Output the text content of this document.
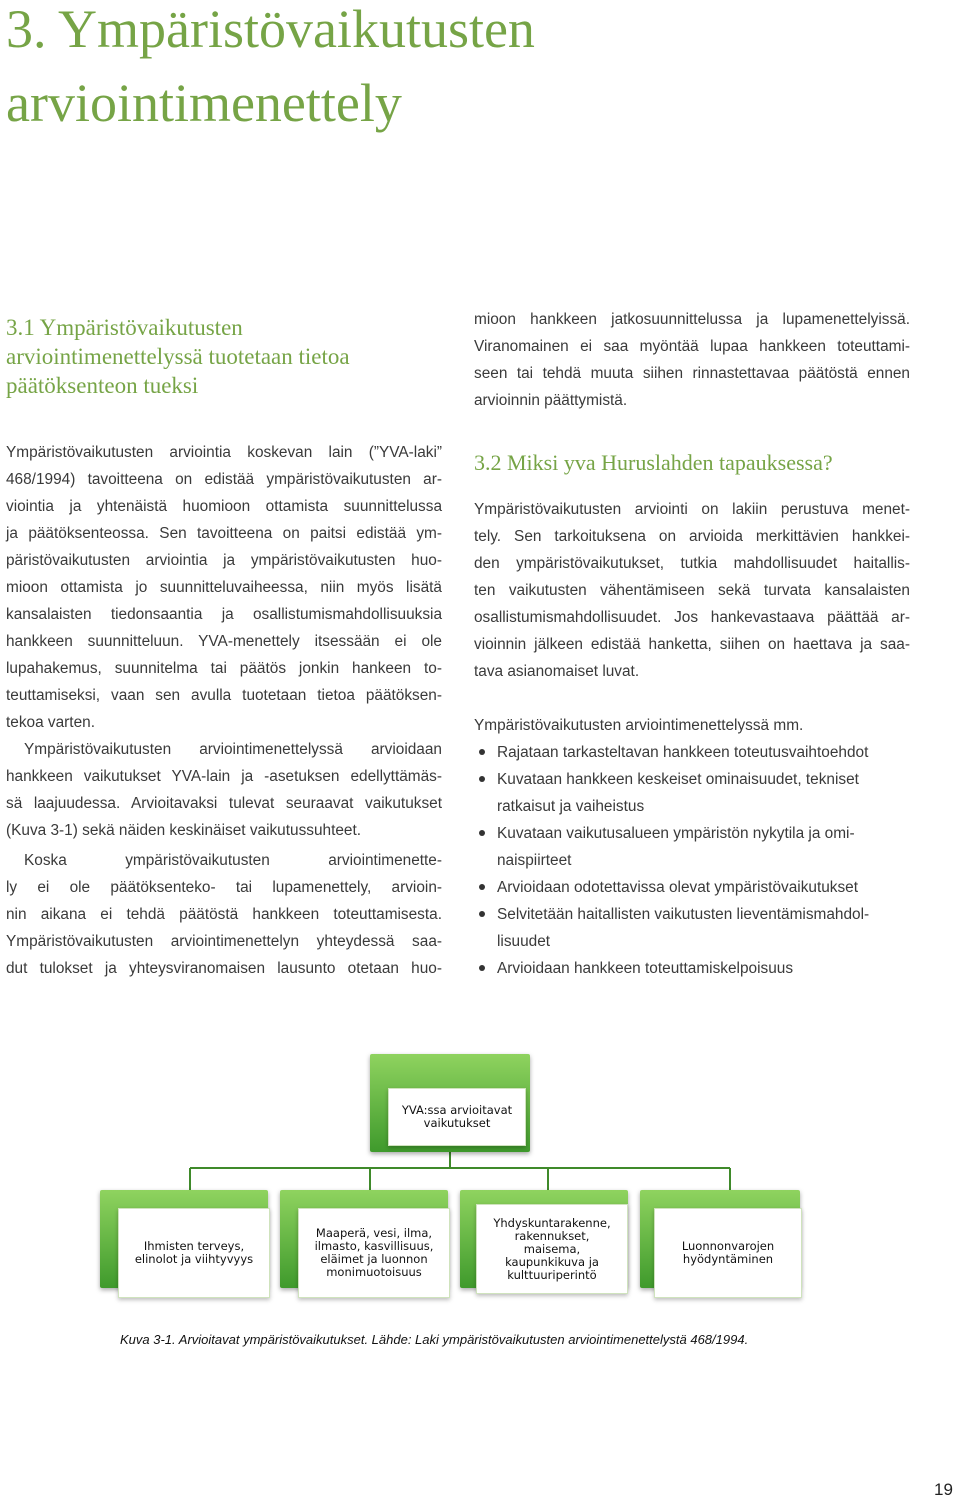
3. Ympäristövaikutusten
arviointimenettely
3.1 Ympäristövaikutusten
arviointimenettelyssä tuotetaan tietoa
päätöksenteon tueksi
Ympäristövaikutusten arviointia koskevan lain (”YVA-laki”
468/1994) tavoitteena on edistää ympäristövaikutusten ar-
viointia ja yhtenäistä huomioon ottamista suunnittelussa
ja päätöksenteossa. Sen tavoitteena on paitsi edistää ym-
päristövaikutusten arviointia ja ympäristövaikutusten huo-
mioon ottamista jo suunnitteluvaiheessa, niin myös lisätä
kansalaisten tiedonsaantia ja osallistumismahdollisuuksia
hankkeen suunnitteluun. YVA-menettely itsessään ei ole
lupahakemus, suunnitelma tai päätös jonkin hankeen to-
teuttamiseksi, vaan sen avulla tuotetaan tietoa päätöksen-
tekoa varten.
Ympäristövaikutusten arviointimenettelyssä arvioidaan
hankkeen vaikutukset YVA-lain ja -asetuksen edellyttämäs-
sä laajuudessa. Arvioitavaksi tulevat seuraavat vaikutukset
(Kuva 3-1) sekä näiden keskinäiset vaikutussuhteet.
Koska ympäristövaikutusten arviointimenette-
ly ei ole päätöksenteko- tai lupamenettely, arvioin-
nin aikana ei tehdä päätöstä hankkeen toteuttamisesta.
Ympäristövaikutusten arviointimenettelyn yhteydessä saa-
dut tulokset ja yhteysviranomaisen lausunto otetaan huo-
mioon hankkeen jatkosuunnittelussa ja lupamenettelyissä.
Viranomainen ei saa myöntää lupaa hankkeen toteuttami-
seen tai tehdä muuta siihen rinnastettavaa päätöstä ennen
arvioinnin päättymistä.
3.2 Miksi yva Huruslahden tapauksessa?
Ympäristövaikutusten arviointi on lakiin perustuva menet-
tely. Sen tarkoituksena on arvioida merkittävien hankkei-
den ympäristövaikutukset, tutkia mahdollisuudet haitallis-
ten vaikutusten vähentämiseen sekä turvata kansalaisten
osallistumismahdollisuudet. Jos hankevastaava päättää ar-
vioinnin jälkeen edistää hanketta, siihen on haettava ja saa-
tava asianomaiset luvat.
Ympäristövaikutusten arviointimenettelyssä mm.
Rajataan tarkasteltavan hankkeen toteutusvaihtoehdot
Kuvataan hankkeen keskeiset ominaisuudet, tekniset
ratkaisut ja vaiheistus
Kuvataan vaikutusalueen ympäristön nykytila ja omi-
naispiirteet
Arvioidaan odotettavissa olevat ympäristövaikutukset
Selvitetään haitallisten vaikutusten lieventämismahdol-
lisuudet
Arvioidaan hankkeen toteuttamiskelpoisuus
YVA:ssa arvioitavat
vaikutukset
Ihmisten terveys,
elinolot ja viihtyvyys
Maaperä, vesi, ilma,
ilmasto, kasvillisuus,
eläimet ja luonnon
monimuotoisuus
Yhdyskuntarakenne,
rakennukset,
maisema,
kaupunkikuva ja
kulttuuriperintö
Luonnonvarojen
hyödyntäminen
Kuva 3-1. Arvioitavat ympäristövaikutukset. Lähde: Laki ympäristövaikutusten arviointimenettelystä 468/1994.
19
